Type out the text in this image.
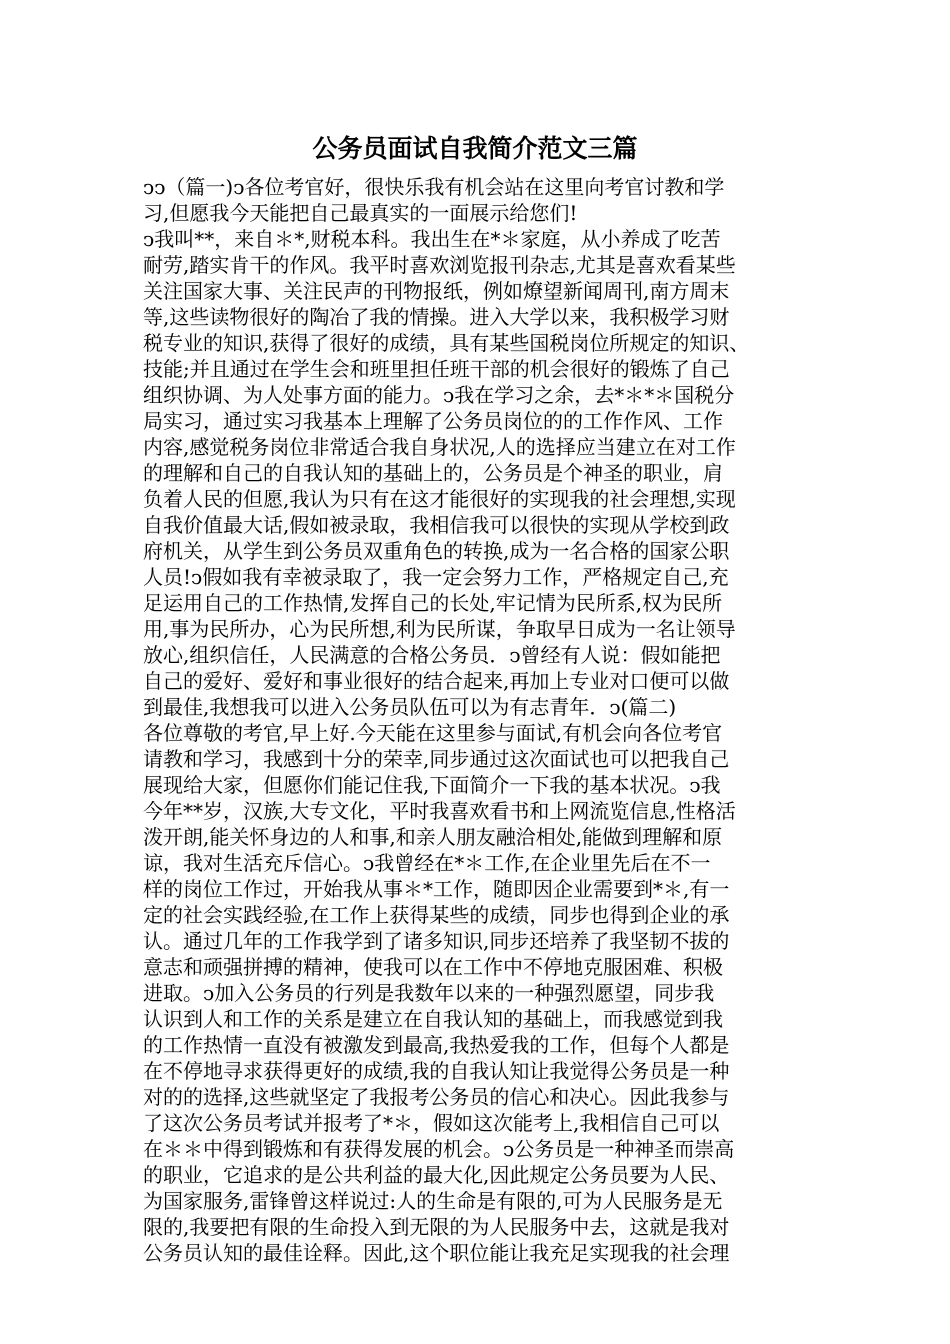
公务员面试自我简介范文三篇
ↄↄ（篇一)ↄ各位考官好，很快乐我有机会站在这里向考官讨教和学
习,但愿我今天能把自己最真实的一面展示给您们!
ↄ我叫**，来自＊*,财税本科。我出生在*＊家庭，从小养成了吃苦
耐劳,踏实肯干的作风。我平时喜欢浏览报刊杂志,尤其是喜欢看某些
关注国家大事、关注民声的刊物报纸，例如燎望新闻周刊,南方周末
等,这些读物很好的陶冶了我的情操。进入大学以来，我积极学习财
税专业的知识,获得了很好的成绩，具有某些国税岗位所规定的知识、
技能;并且通过在学生会和班里担任班干部的机会很好的锻炼了自己
组织协调、为人处事方面的能力。ↄ我在学习之余，去*＊*＊国税分
局实习，通过实习我基本上理解了公务员岗位的的工作作风、工作
内容,感觉税务岗位非常适合我自身状况,人的选择应当建立在对工作
的理解和自己的自我认知的基础上的，公务员是个神圣的职业，肩
负着人民的但愿,我认为只有在这才能很好的实现我的社会理想,实现
自我价值最大话,假如被录取，我相信我可以很快的实现从学校到政
府机关，从学生到公务员双重角色的转换,成为一名合格的国家公职
人员!ↄ假如我有幸被录取了，我一定会努力工作，严格规定自己,充
足运用自己的工作热情,发挥自己的长处,牢记情为民所系,权为民所
用,事为民所办，心为民所想,利为民所谋，争取早日成为一名让领导
放心,组织信任，人民满意的合格公务员．ↄ曾经有人说：假如能把
自己的爱好、爱好和事业很好的结合起来,再加上专业对口便可以做
到最佳,我想我可以进入公务员队伍可以为有志青年．ↄ(篇二)
各位尊敬的考官,早上好.今天能在这里参与面试,有机会向各位考官
请教和学习，我感到十分的荣幸,同步通过这次面试也可以把我自己
展现给大家，但愿你们能记住我,下面简介一下我的基本状况。ↄ我
今年**岁，汉族,大专文化，平时我喜欢看书和上网流览信息,性格活
泼开朗,能关怀身边的人和事,和亲人朋友融洽相处,能做到理解和原
谅，我对生活充斥信心。ↄ我曾经在*＊工作,在企业里先后在不一
样的岗位工作过，开始我从事＊*工作，随即因企业需要到*＊,有一
定的社会实践经验,在工作上获得某些的成绩，同步也得到企业的承
认。通过几年的工作我学到了诸多知识,同步还培养了我坚韧不拔的
意志和顽强拼搏的精神，使我可以在工作中不停地克服困难、积极
进取。ↄ加入公务员的行列是我数年以来的一种强烈愿望，同步我
认识到人和工作的关系是建立在自我认知的基础上，而我感觉到我
的工作热情一直没有被激发到最高,我热爱我的工作，但每个人都是
在不停地寻求获得更好的成绩,我的自我认知让我觉得公务员是一种
对的的选择,这些就坚定了我报考公务员的信心和决心。因此我参与
了这次公务员考试并报考了*＊，假如这次能考上,我相信自己可以
在＊＊中得到锻炼和有获得发展的机会。ↄ公务员是一种神圣而崇高
的职业，它追求的是公共利益的最大化,因此规定公务员要为人民、
为国家服务,雷锋曾这样说过:人的生命是有限的,可为人民服务是无
限的,我要把有限的生命投入到无限的为人民服务中去，这就是我对
公务员认知的最佳诠释。因此,这个职位能让我充足实现我的社会理
